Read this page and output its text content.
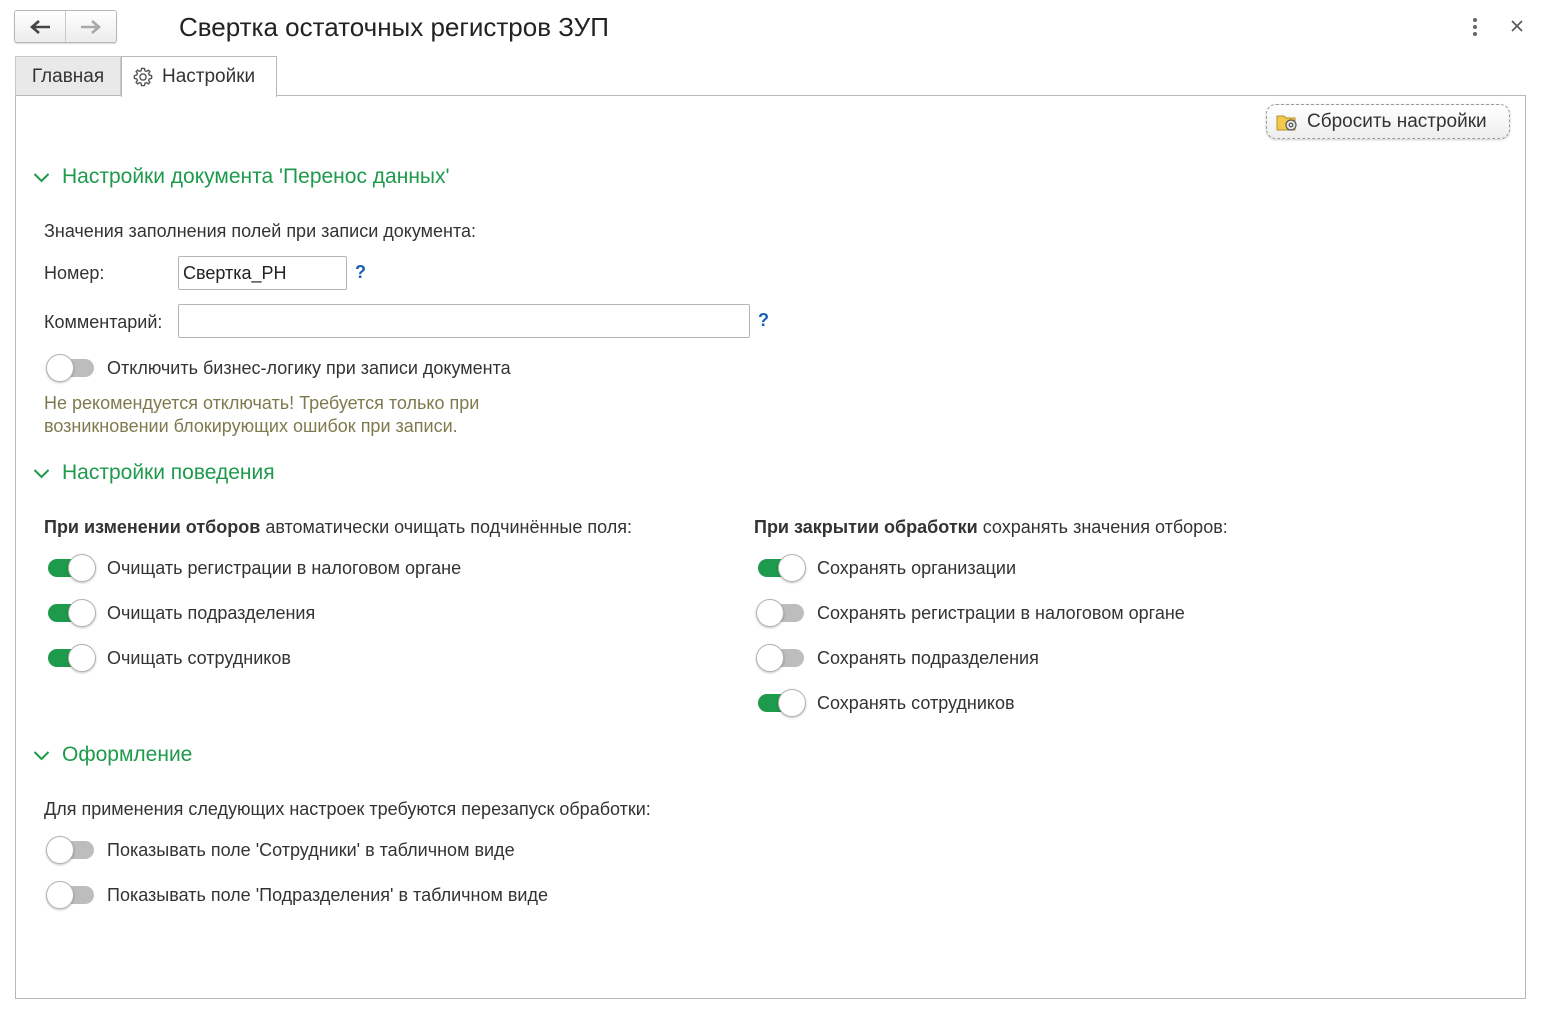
Свертка остаточных регистров ЗУП
Главная	Настройки
Сбросить настройки
Настройки документа 'Перенос данных'
Значения заполнения полей при записи документа:
Номер:
Свертка_РН	?
Комментарий:	?
Отключить бизнес-логику при записи документа
Не рекомендуется отключать! Требуется только при
возникновении блокирующих ошибок при записи.
Настройки поведения
При изменении отборов автоматически очищать подчинённые поля:
Очищать регистрации в налоговом органе
Очищать подразделения
Очищать сотрудников
При закрытии обработки сохранять значения отборов:
Сохранять организации
Сохранять регистрации в налоговом органе
Сохранять подразделения
Сохранять сотрудников
Оформление
Для применения следующих настроек требуются перезапуск обработки:
Показывать поле 'Сотрудники' в табличном виде
Показывать поле 'Подразделения' в табличном виде
